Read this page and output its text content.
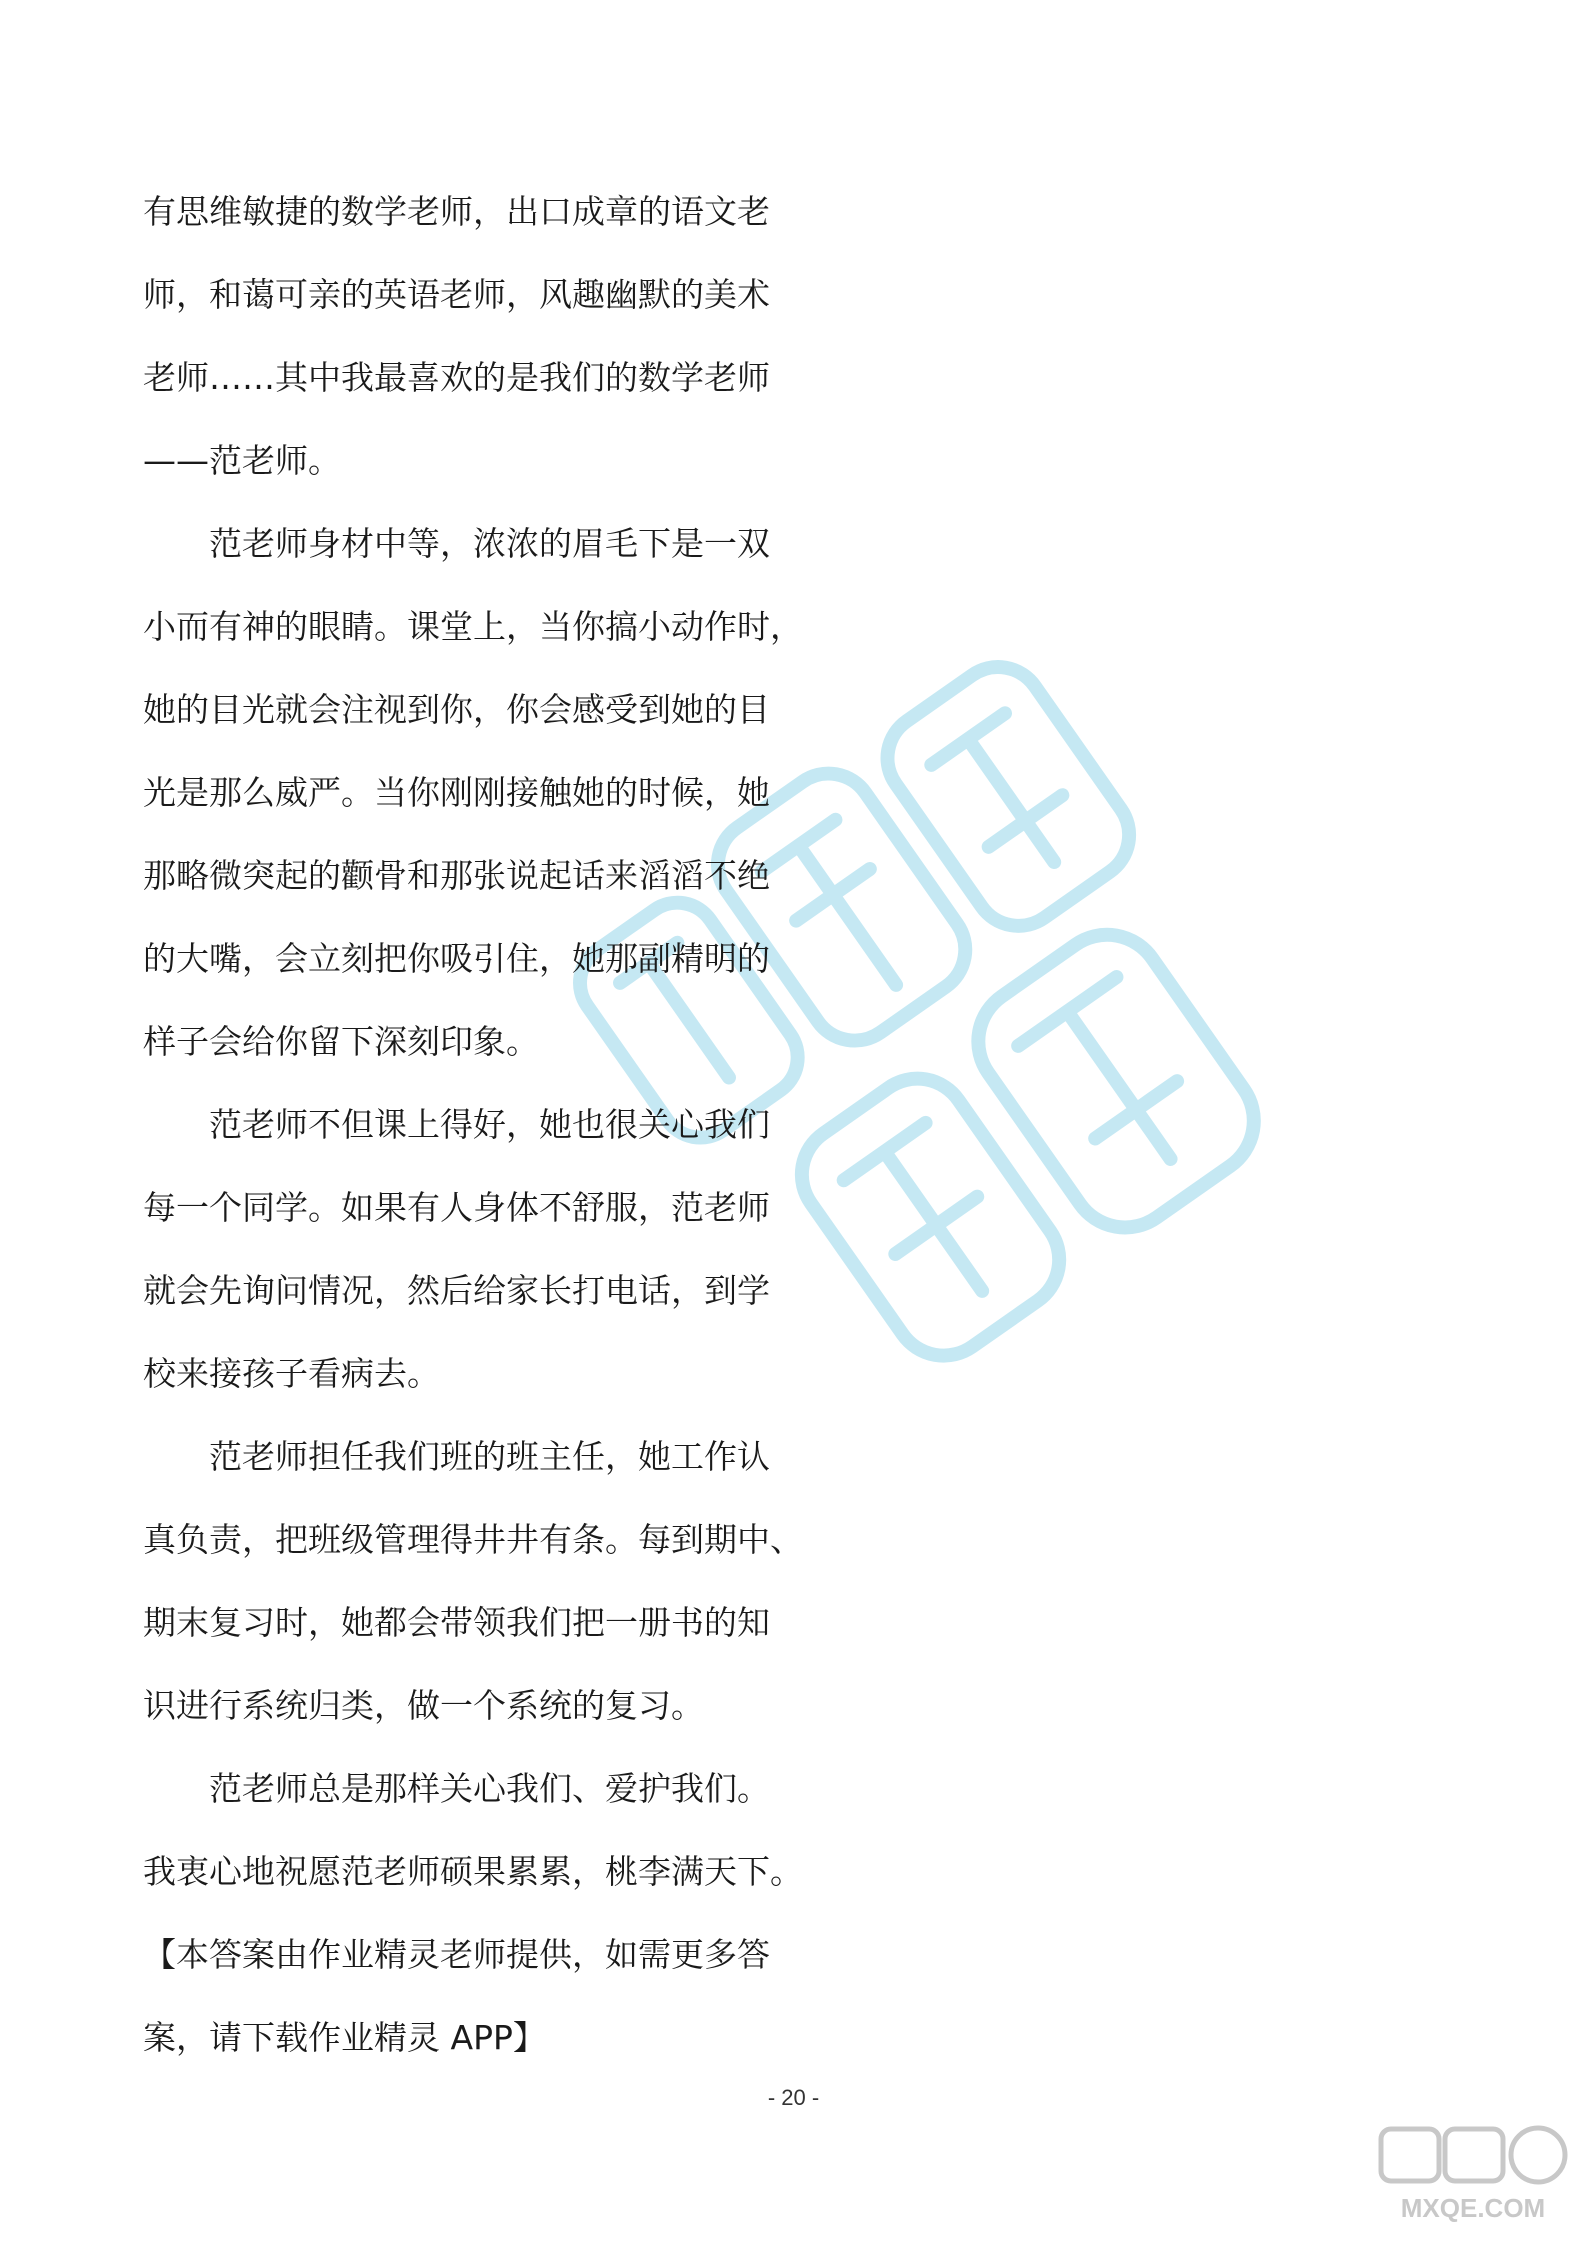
有思维敏捷的数学老师，出口成章的语文老
师，和蔼可亲的英语老师，风趣幽默的美术
老师……其中我最喜欢的是我们的数学老师
——范老师。
范老师身材中等，浓浓的眉毛下是一双
小而有神的眼睛。课堂上，当你搞小动作时，
她的目光就会注视到你，你会感受到她的目
光是那么威严。当你刚刚接触她的时候，她
那略微突起的颧骨和那张说起话来滔滔不绝
的大嘴，会立刻把你吸引住，她那副精明的
样子会给你留下深刻印象。
范老师不但课上得好，她也很关心我们
每一个同学。如果有人身体不舒服，范老师
就会先询问情况，然后给家长打电话，到学
校来接孩子看病去。
范老师担任我们班的班主任，她工作认
真负责，把班级管理得井井有条。每到期中、
期末复习时，她都会带领我们把一册书的知
识进行系统归类，做一个系统的复习。
范老师总是那样关心我们、爱护我们。
我衷心地祝愿范老师硕果累累，桃李满天下。
【本答案由作业精灵老师提供，如需更多答
案，请下载作业精灵 APP】
- 20 -
MXQE.COM
